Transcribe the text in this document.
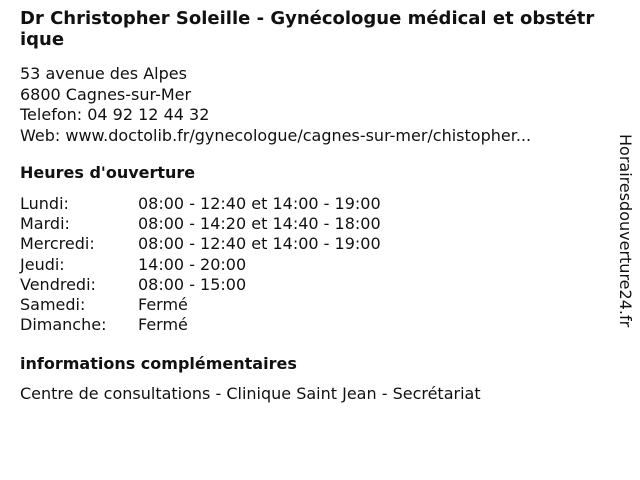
Dr Christopher Soleille - Gynécologue médical et obstétrique
53 avenue des Alpes
6800 Cagnes-sur-Mer
Telefon: 04 92 12 44 32
Web: www.doctolib.fr/gynecologue/cagnes-sur-mer/chistopher...
Heures d'ouverture
Lundi:	08:00 - 12:40 et 14:00 - 19:00
Mardi:	08:00 - 14:20 et 14:40 - 18:00
Mercredi:	08:00 - 12:40 et 14:00 - 19:00
Jeudi:	14:00 - 20:00
Vendredi:	08:00 - 15:00
Samedi:	Fermé
Dimanche:	Fermé
informations complémentaires
Centre de consultations - Clinique Saint Jean - Secrétariat
Horairesdouverture24.fr
